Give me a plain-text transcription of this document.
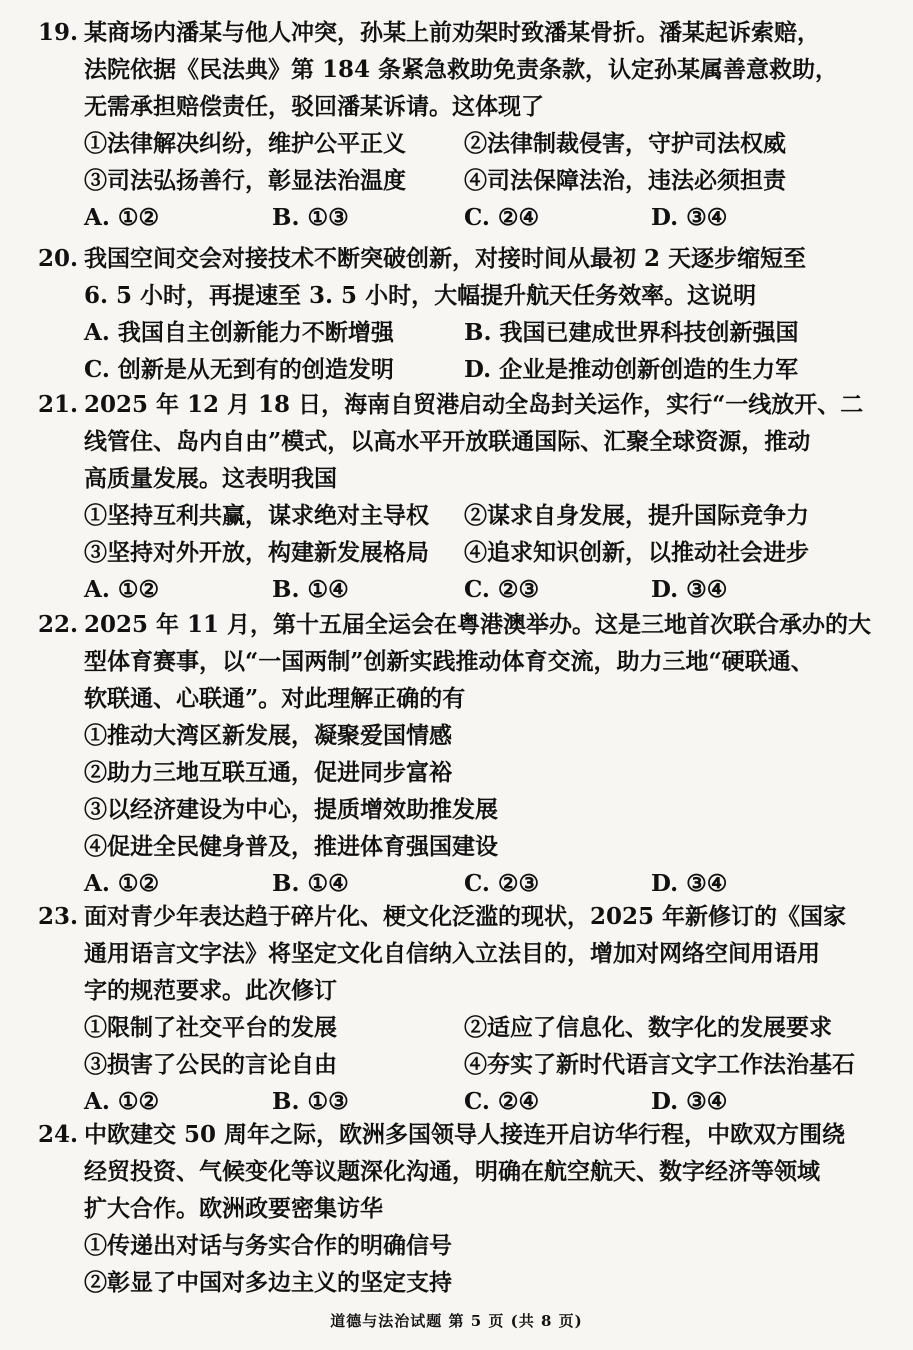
19. 某商场内潘某与他人冲突，孙某上前劝架时致潘某骨折。潘某起诉索赔，
法院依据《民法典》第 184 条紧急救助免责条款，认定孙某属善意救助，
无需承担赔偿责任，驳回潘某诉请。这体现了
①法律解决纠纷，维护公平正义	②法律制裁侵害，守护司法权威
③司法弘扬善行，彰显法治温度	④司法保障法治，违法必须担责
A. ①②	B. ①③	C. ②④	D. ③④
20. 我国空间交会对接技术不断突破创新，对接时间从最初 2 天逐步缩短至
6. 5 小时，再提速至 3. 5 小时，大幅提升航天任务效率。这说明
A. 我国自主创新能力不断增强	B. 我国已建成世界科技创新强国
C. 创新是从无到有的创造发明	D. 企业是推动创新创造的生力军
21. 2025 年 12 月 18 日，海南自贸港启动全岛封关运作，实行“一线放开、二
线管住、岛内自由”模式，以高水平开放联通国际、汇聚全球资源，推动
高质量发展。这表明我国
①坚持互利共赢，谋求绝对主导权 ②谋求自身发展，提升国际竞争力
③坚持对外开放，构建新发展格局 ④追求知识创新，以推动社会进步
A. ①②	B. ①④	C. ②③	D. ③④
22. 2025 年 11 月，第十五届全运会在粤港澳举办。这是三地首次联合承办的大
型体育赛事，以“一国两制”创新实践推动体育交流，助力三地“硬联通、
软联通、心联通”。对此理解正确的有
①推动大湾区新发展，凝聚爱国情感
②助力三地互联互通，促进同步富裕
③以经济建设为中心，提质增效助推发展
④促进全民健身普及，推进体育强国建设
A. ①②	B. ①④	C. ②③	D. ③④
23. 面对青少年表达趋于碎片化、梗文化泛滥的现状，2025 年新修订的《国家
通用语言文字法》将坚定文化自信纳入立法目的，增加对网络空间用语用
字的规范要求。此次修订
①限制了社交平台的发展	②适应了信息化、数字化的发展要求
③损害了公民的言论自由	④夯实了新时代语言文字工作法治基石
A. ①②	B. ①③	C. ②④	D. ③④
24. 中欧建交 50 周年之际，欧洲多国领导人接连开启访华行程，中欧双方围绕
经贸投资、气候变化等议题深化沟通，明确在航空航天、数字经济等领域
扩大合作。欧洲政要密集访华
①传递出对话与务实合作的明确信号
②彰显了中国对多边主义的坚定支持
道德与法治试题 第 5 页 (共 8 页)
